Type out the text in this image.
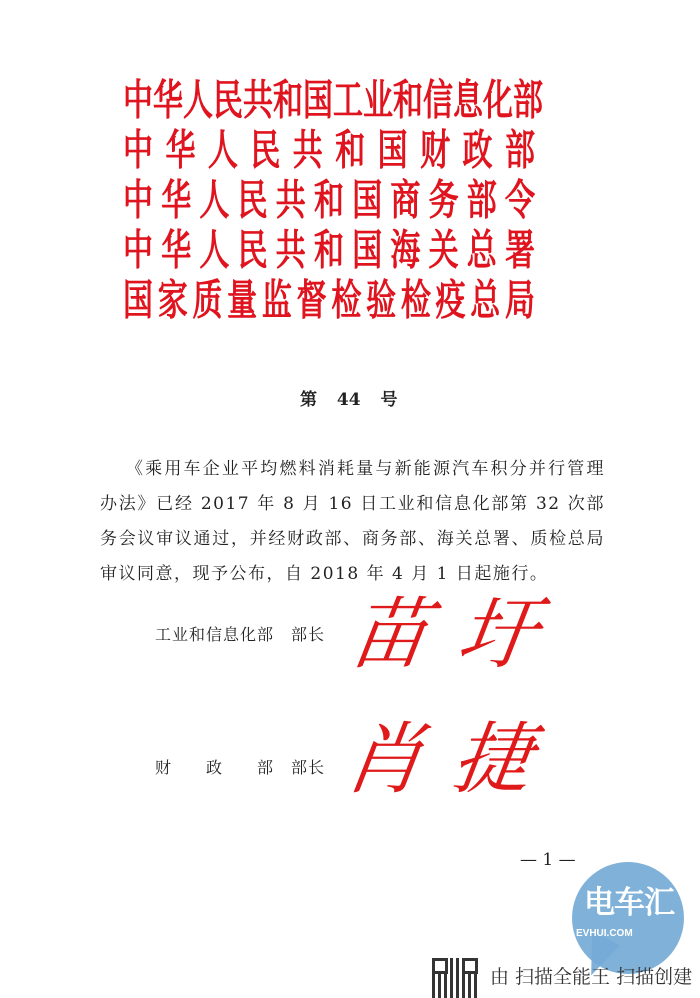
中华人民共和国工业和信息化部
中华人民共和国财政部
中华人民共和国商务部令
中华人民共和国海关总署
国家质量监督检验检疫总局
第 44 号
《乘用车企业平均燃料消耗量与新能源汽车积分并行管理办法》已经 2017 年 8 月 16 日工业和信息化部第 32 次部务会议审议通过，并经财政部、商务部、海关总署、质检总局审议同意，现予公布，自 2018 年 4 月 1 日起施行。
工业和信息化部　部长 苗圩
财　　政　　部　部长 肖捷
— 1 —
电车汇
EVHUI.COM
由 扫描全能王 扫描创建
